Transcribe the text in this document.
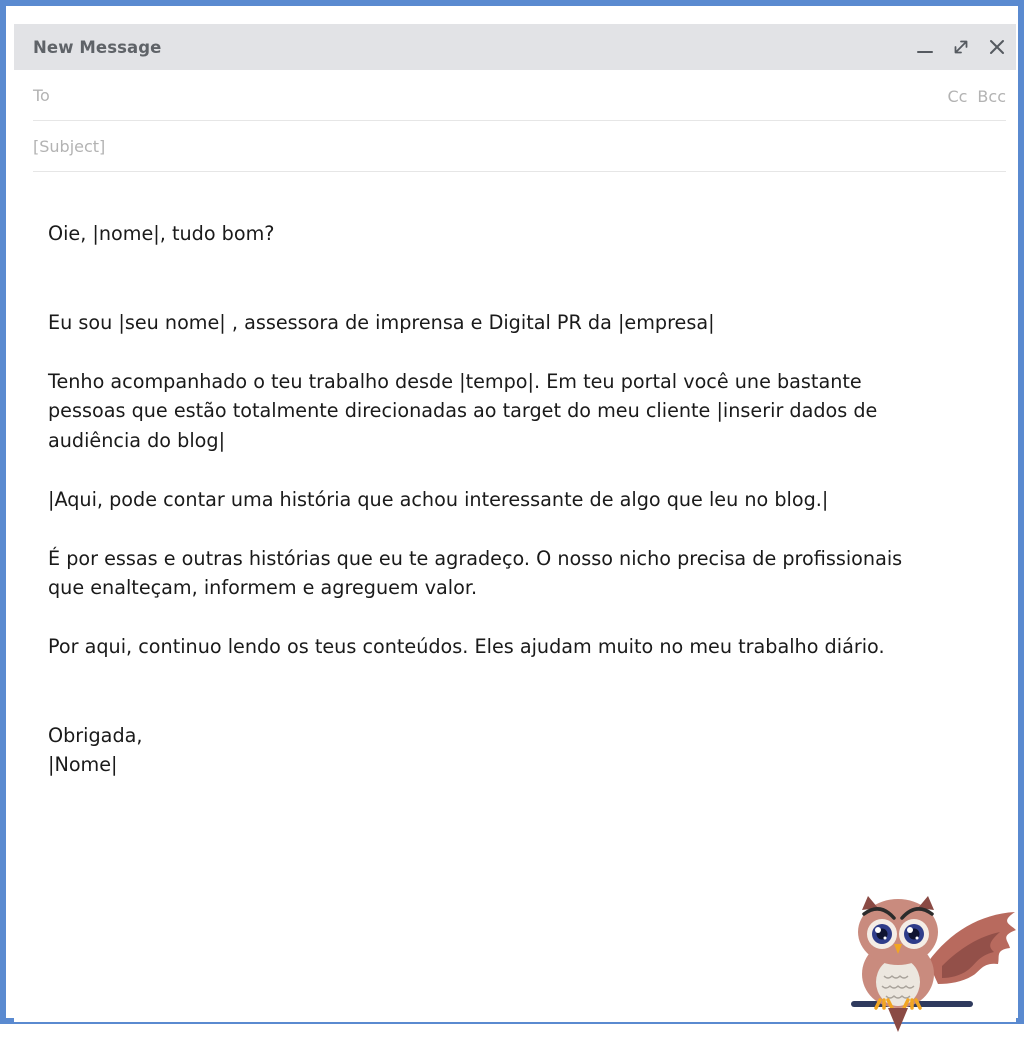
New Message
To	Cc Bcc
[Subject]

Oie, |nome|, tudo bom?

Eu sou |seu nome| , assessora de imprensa e Digital PR da |empresa|

Tenho acompanhado o teu trabalho desde |tempo|. Em teu portal você une bastante

pessoas que estão totalmente direcionadas ao target do meu cliente |inserir dados de

audiência do blog|

|Aqui, pode contar uma história que achou interessante de algo que leu no blog.|

É por essas e outras histórias que eu te agradeço. O nosso nicho precisa de profissionais

que enalteçam, informem e agreguem valor.

Por aqui, continuo lendo os teus conteúdos. Eles ajudam muito no meu trabalho diário.

Obrigada,

|Nome|
